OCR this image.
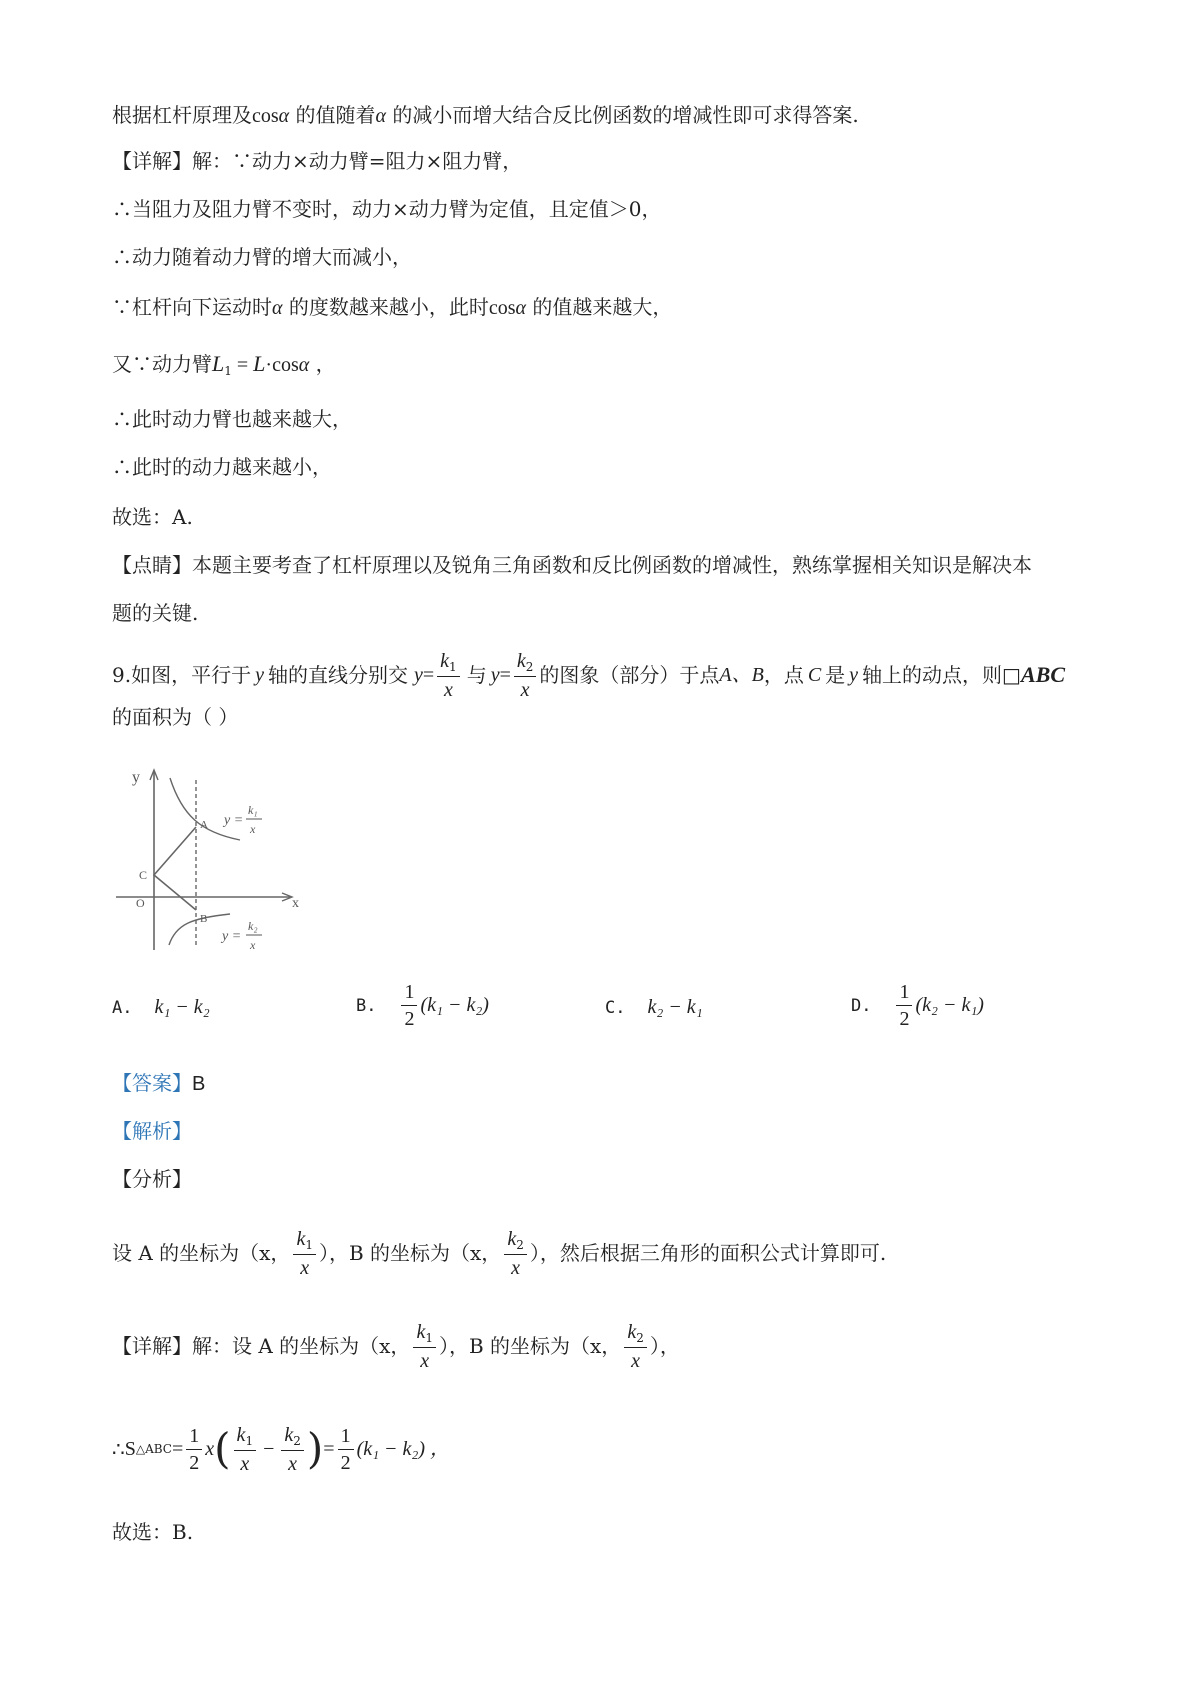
根据杠杆原理及cosα 的值随着α 的减小而增大结合反比例函数的增减性即可求得答案.
【详解】解：∵动力×动力臂=阻力×阻力臂，
∴当阻力及阻力臂不变时，动力×动力臂为定值，且定值＞0，
∴动力随着动力臂的增大而减小，
∵杠杆向下运动时α 的度数越来越小，此时cosα 的值越来越大，
又∵动力臂$L_1 = L\cdot\cos\alpha$ ，
∴此时动力臂也越来越大，
∴此时的动力越来越小，
故选：A.
【点睛】本题主要考查了杠杆原理以及锐角三角函数和反比例函数的增减性，熟练掌握相关知识是解决本
题的关键.
9.如图，平行于 y 轴的直线分别交 $y = \frac{k_1}{x}$ 与 $y = \frac{k_2}{x}$ 的图象（部分）于点 A、B ，点 C 是 y 轴上的动点，则□ ABC
的面积为（ ）
y
x
O
C
A
B
y =
k₁
x
y =
k₂
x
A. k₁ − k₂	B. $\frac{1}{2} (k_1 - k_2)$	C. k₂ − k₁	D. $\frac{1}{2} (k_2 - k_1)$
【答案】B
【解析】
【分析】
设 A 的坐标为（x， $\frac{k_1}{x}$ ），B 的坐标为（x， $\frac{k_2}{x}$ ），然后根据三角形的面积公式计算即可.
【详解】解：设 A 的坐标为（x， $\frac{k_1}{x}$ ），B 的坐标为（x， $\frac{k_2}{x}$ ），
∴ S △ABC = $\frac{1}{2}$ x ( $\frac{k_1}{x} - \frac{k_2}{x}$ ) = $\frac{1}{2} (k_1 - k_2)$ ，
故选：B.
